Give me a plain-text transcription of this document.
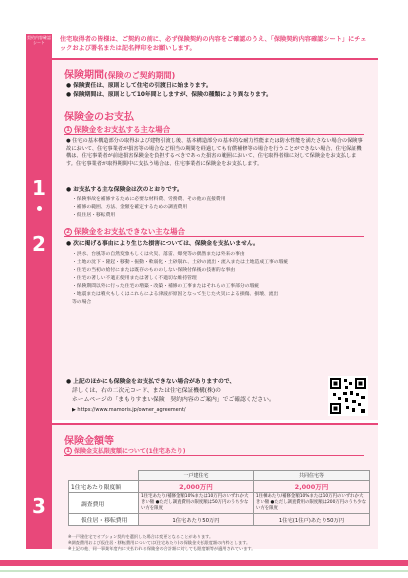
契約内容確認シート
1
2
3
住宅取得者の皆様は、ご契約の前に、必ず保険契約の内容をご確認のうえ、「保険契約内容確認シート」にチェックおよび署名または記名押印をお願いします。
保険期間(保険のご契約期間)
● 保険責任は、原則として住宅の引渡日に始まります。
● 保険期間は、原則として10年間としますが、保険の種類により異なります。
保険金のお支払
1 保険金をお支払する主な場合
● 住宅の基本構造部分の取得および建物引渡し後、基本構造部分の基本的な耐力性能または防水性能を満たさない場合の保険事故において、住宅事業者が損害等の場合など相当の期間を経過しても有償補修等の場合を行うことができない場合、住宅保証機構は、住宅事業者が前途損害保険金を負担するべきであった損害の範囲において、住宅取得者様に対して保険金をお支払します。住宅事業者が取得期間中に支払う場合は、住宅事業者に保険金をお支払します。
● お支払する主な保険金は次のとおりです。
・保険事故を補修するために必要な材料費、労務費、その他の直接費用
・補修の範囲、方法、金額を確定するための調査費用
・仮住居・移転費用
2 保険金をお支払できない主な場合
● 次に掲げる事由により生じた損害については、保険金を支払いません。
・洪水、台風等の自然変象もしくは火災、落雷、爆発等の偶然または外来の事由
・土地の沈下・隆起・移動・振動・軟弱化・土砂崩れ、土砂の流出・流入または土地造成工事の瑕疵
・住宅の当初の給付にまたは既存のもののしない保険付保後の技術的な事由
・住宅の著しい不適正使用または著しく不適切な維持管理
・保険期間以外に行った住宅の増築・改築・補修の工事またはそれらの工事部分の瑕疵
・地震または噴火もしくはこれらによる津波が原因となって生じた火災による損傷、損壊、流出
等の場合
● 上記のほかにも保険金をお支払できない場合がありますので、
詳しくは、右の二次元コード、または住宅保証機構(株)の
ホームページの「まもりすまい保険　契約内容のご案内」でご確認ください。
▶ https://www.mamoris.jp/owner_agreement/
保険金額等
1 保険金支払限度額について(1住宅あたり)
	一戸建住宅	共同住宅等
1住宅あたり限度額	2,000万円	2,000万円
調査費用	1住宅あたり/補修金額10%または10万円のいずれか大きい額 ●ただし調査費用の限度額は50万円のうち少ない方を限度	1住棟あたり/補修金額10%または10万円のいずれか大きい額 ●ただし調査費用の限度額は200万円のうち少ない方を限度
仮住居・移転費用	1住宅あたり50万円	1住宅(1住戸)あたり50万円
※一戸建住宅でオプション契約を選択した場合は変更となることがあります。
※調査費用および仮住居・移転費用については(住宅あたり)の保険金支払限度額の内枠とします。
※上記の他、同一事業年度内に支払われる保険金の合計額に対しても限度額等が適用されています。
